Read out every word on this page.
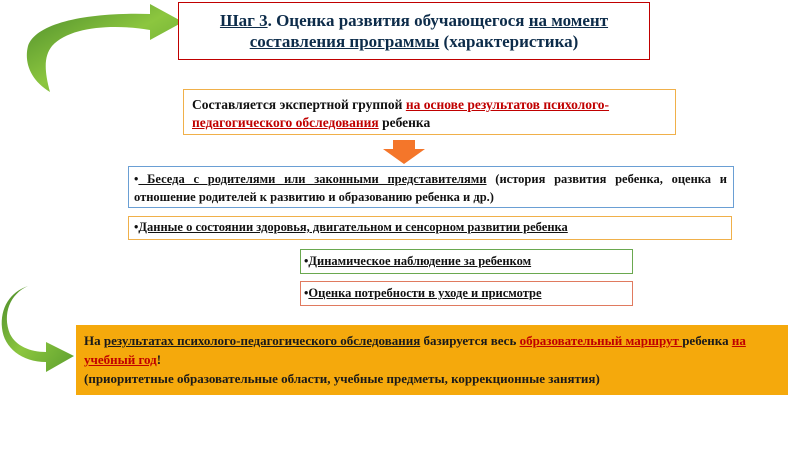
Шаг 3. Оценка развития обучающегося на момент составления программы (характеристика)
Составляется экспертной группой на основе результатов психолого-педагогического обследования ребенка
• Беседа с родителями или законными представителями (история развития ребенка, оценка и отношение родителей к развитию и образованию ребенка и др.)
•Данные о состоянии здоровья, двигательном и сенсорном развитии ребенка
•Динамическое наблюдение за ребенком
•Оценка потребности в уходе и присмотре
На результатах психолого-педагогического обследования базируется весь образовательный маршрут ребенка на учебный год!
(приоритетные образовательные области, учебные предметы, коррекционные занятия)
